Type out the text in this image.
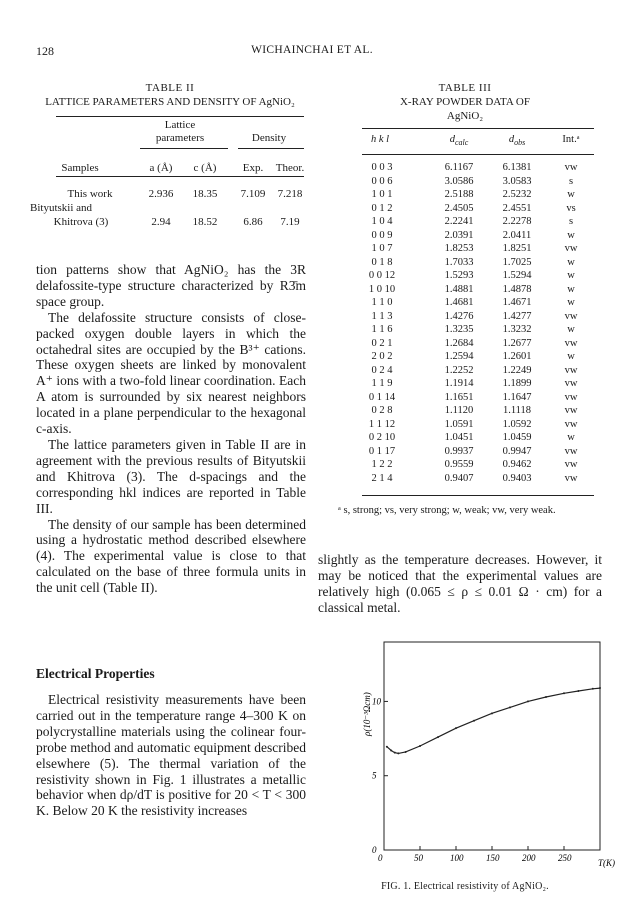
128	WICHAINCHAI ET AL.
TABLE II
LATTICE PARAMETERS AND DENSITY OF AgNiO₂
Lattice
parameters	Density
Samples	a (Å)	c (Å)	Exp.	Theor.
This work	2.936	18.35	7.109	7.218
Bityutskii and
Khitrova (3)	2.94	18.52	6.86	7.19
TABLE III
X-RAY POWDER DATA OF
AgNiO₂
h k l	$d_{calc}$	$d_{obs}$	Int.ᵃ
0 0 3	6.1167	6.1381	vw
0 0 6	3.0586	3.0583	s
1 0 1	2.5188	2.5232	w
0 1 2	2.4505	2.4551	vs
1 0 4	2.2241	2.2278	s
0 0 9	2.0391	2.0411	w
1 0 7	1.8253	1.8251	vw
0 1 8	1.7033	1.7025	w
0 0 12	1.5293	1.5294	w
1 0 10	1.4881	1.4878	w
1 1 0	1.4681	1.4671	w
1 1 3	1.4276	1.4277	vw
1 1 6	1.3235	1.3232	w
0 2 1	1.2684	1.2677	vw
2 0 2	1.2594	1.2601	w
0 2 4	1.2252	1.2249	vw
1 1 9	1.1914	1.1899	vw
0 1 14	1.1651	1.1647	vw
0 2 8	1.1120	1.1118	vw
1 1 12	1.0591	1.0592	vw
0 2 10	1.0451	1.0459	w
0 1 17	0.9937	0.9947	vw
1 2 2	0.9559	0.9462	vw
2 1 4	0.9407	0.9403	vw
ᵃ s, strong; vs, very strong; w, weak; vw, very weak.
tion patterns show that AgNiO₂ has the 3R delafossite-type structure characterized by R3̄m space group.
The delafossite structure consists of close-packed oxygen double layers in which the octahedral sites are occupied by the B³⁺ cations. These oxygen sheets are linked by monovalent A⁺ ions with a two-fold linear coordination. Each A atom is surrounded by six nearest neighbors located in a plane perpendicular to the hexagonal c-axis.
The lattice parameters given in Table II are in agreement with the previous results of Bityutskii and Khitrova (3). The d-spacings and the corresponding hkl indices are reported in Table III.
The density of our sample has been determined using a hydrostatic method described elsewhere (4). The experimental value is close to that calculated on the base of three formula units in the unit cell (Table II).
Electrical Properties
Electrical resistivity measurements have been carried out in the temperature range 4–300 K on polycrystalline materials using the colinear four-probe method and automatic equipment described elsewhere (5). The thermal variation of the resistivity shown in Fig. 1 illustrates a metallic behavior when dρ/dT is positive for 20 < T < 300 K. Below 20 K the resistivity increases
slightly as the temperature decreases. However, it may be noticed that the experimental values are relatively high (0.065 ≤ ρ ≤ 0.01 Ω · cm) for a classical metal.
0	50	100	150	200	250
0
5
10
ρ(10⁻³Ωcm)
T(K)
FIG. 1. Electrical resistivity of AgNiO₂.
